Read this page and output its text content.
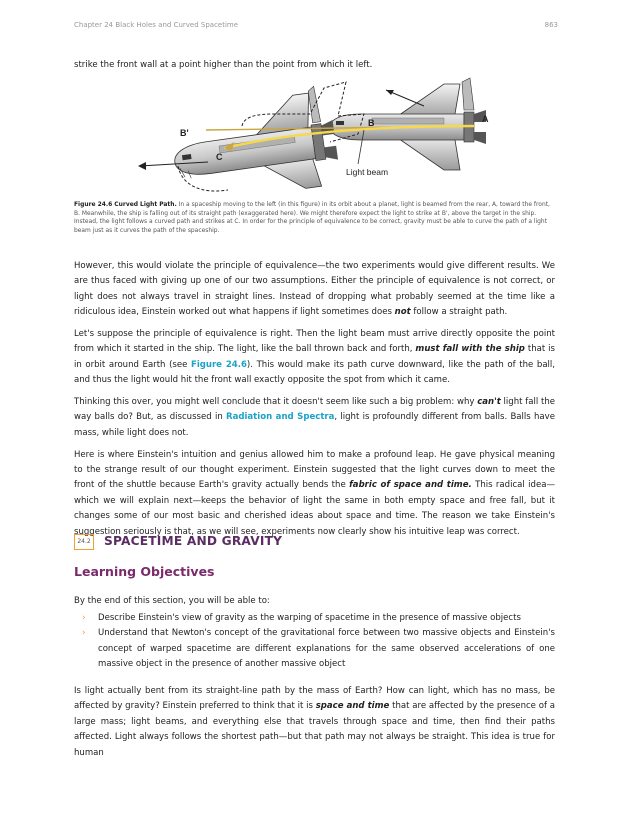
Chapter 24 Black Holes and Curved Spacetime	863

strike the front wall at a point higher than the point from which it left.

A
B
B'
C
Light beam
Figure 24.6 Curved Light Path. In a spaceship moving to the left (in this figure) in its orbit about a planet, light is beamed from the rear, A, toward the front, B. Meanwhile, the ship is falling out of its straight path (exaggerated here). We might therefore expect the light to strike at B', above the target in the ship. Instead, the light follows a curved path and strikes at C. In order for the principle of equivalence to be correct, gravity must be able to curve the path of a light beam just as it curves the path of the spaceship.

However, this would violate the principle of equivalence—the two experiments would give different results. We are thus faced with giving up one of our two assumptions. Either the principle of equivalence is not correct, or light does not always travel in straight lines. Instead of dropping what probably seemed at the time like a ridiculous idea, Einstein worked out what happens if light sometimes does not follow a straight path.

Let's suppose the principle of equivalence is right. Then the light beam must arrive directly opposite the point from which it started in the ship. The light, like the ball thrown back and forth, must fall with the ship that is in orbit around Earth (see Figure 24.6). This would make its path curve downward, like the path of the ball, and thus the light would hit the front wall exactly opposite the spot from which it came.

Thinking this over, you might well conclude that it doesn't seem like such a big problem: why can't light fall the way balls do? But, as discussed in Radiation and Spectra, light is profoundly different from balls. Balls have mass, while light does not.

Here is where Einstein's intuition and genius allowed him to make a profound leap. He gave physical meaning to the strange result of our thought experiment. Einstein suggested that the light curves down to meet the front of the shuttle because Earth's gravity actually bends the fabric of space and time. This radical idea—which we will explain next—keeps the behavior of light the same in both empty space and free fall, but it changes some of our most basic and cherished ideas about space and time. The reason we take Einstein's suggestion seriously is that, as we will see, experiments now clearly show his intuitive leap was correct.

24.2 SPACETIME AND GRAVITY
Learning Objectives

By the end of this section, you will be able to:

› Describe Einstein's view of gravity as the warping of spacetime in the presence of massive objects
› Understand that Newton's concept of the gravitational force between two massive objects and Einstein's concept of warped spacetime are different explanations for the same observed accelerations of one massive object in the presence of another massive object

Is light actually bent from its straight-line path by the mass of Earth? How can light, which has no mass, be affected by gravity? Einstein preferred to think that it is space and time that are affected by the presence of a large mass; light beams, and everything else that travels through space and time, then find their paths affected. Light always follows the shortest path—but that path may not always be straight. This idea is true for human
